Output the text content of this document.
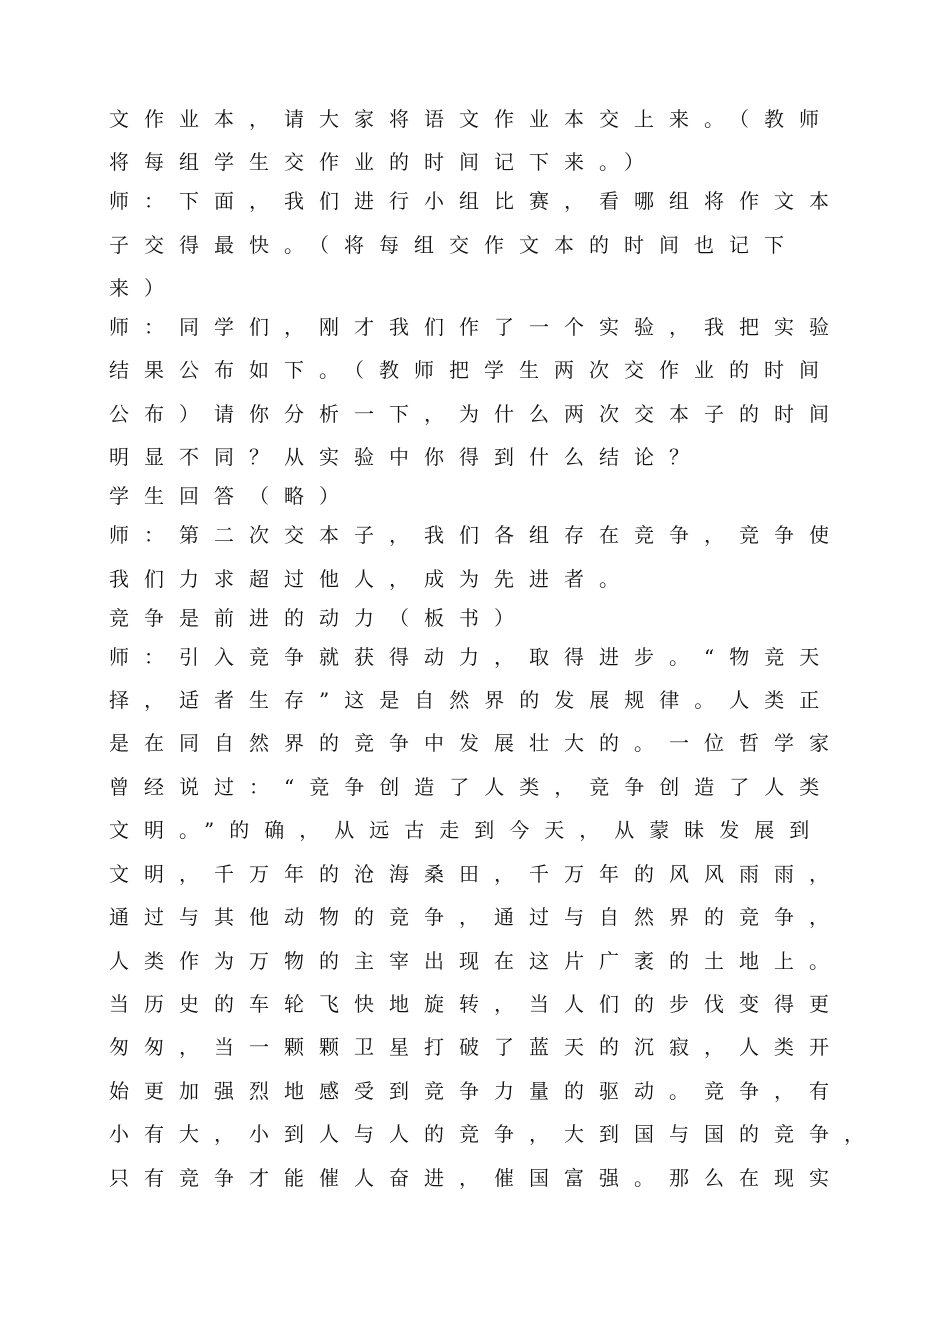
文作业本，请大家将语文作业本交上来。（教师
将每组学生交作业的时间记下来。）
师：下面，我们进行小组比赛，看哪组将作文本
子交得最快。（将每组交作文本的时间也记下
来）
师：同学们，刚才我们作了一个实验，我把实验
结果公布如下。（教师把学生两次交作业的时间
公布）请你分析一下，为什么两次交本子的时间
明显不同？从实验中你得到什么结论？
学生回答（略）
师：第二次交本子，我们各组存在竞争，竞争使
我们力求超过他人，成为先进者。
竞争是前进的动力（板书）
师：引入竞争就获得动力，取得进步。“物竞天
择，适者生存”这是自然界的发展规律。人类正
是在同自然界的竞争中发展壮大的。一位哲学家
曾经说过：“竞争创造了人类，竞争创造了人类
文明。”的确，从远古走到今天，从蒙昧发展到
文明，千万年的沧海桑田，千万年的风风雨雨，
通过与其他动物的竞争，通过与自然界的竞争，
人类作为万物的主宰出现在这片广袤的土地上。
当历史的车轮飞快地旋转，当人们的步伐变得更
匆匆，当一颗颗卫星打破了蓝天的沉寂，人类开
始更加强烈地感受到竞争力量的驱动。竞争，有
小有大，小到人与人的竞争，大到国与国的竞争，
只有竞争才能催人奋进，催国富强。那么在现实
